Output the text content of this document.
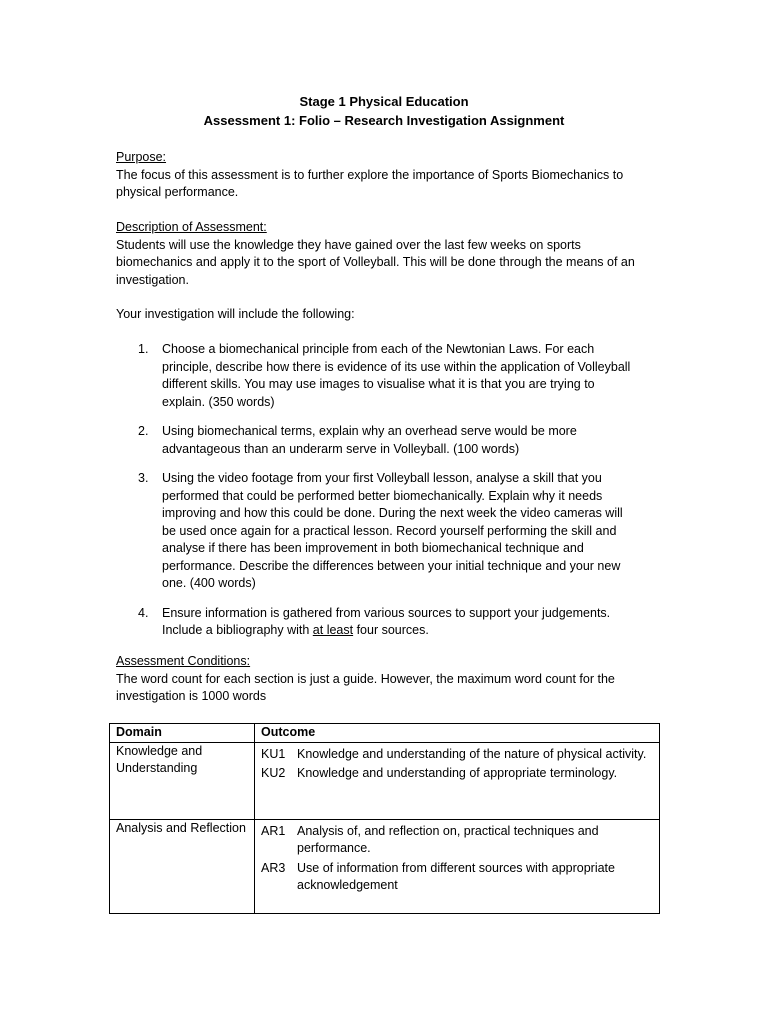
Stage 1 Physical Education
Assessment 1: Folio – Research Investigation Assignment
Purpose:
The focus of this assessment is to further explore the importance of Sports Biomechanics to physical performance.
Description of Assessment:
Students will use the knowledge they have gained over the last few weeks on sports biomechanics and apply it to the sport of Volleyball. This will be done through the means of an investigation.
Your investigation will include the following:
1. Choose a biomechanical principle from each of the Newtonian Laws. For each principle, describe how there is evidence of its use within the application of Volleyball different skills. You may use images to visualise what it is that you are trying to explain. (350 words)
2. Using biomechanical terms, explain why an overhead serve would be more advantageous than an underarm serve in Volleyball. (100 words)
3. Using the video footage from your first Volleyball lesson, analyse a skill that you performed that could be performed better biomechanically. Explain why it needs improving and how this could be done. During the next week the video cameras will be used once again for a practical lesson. Record yourself performing the skill and analyse if there has been improvement in both biomechanical technique and performance. Describe the differences between your initial technique and your new one. (400 words)
4. Ensure information is gathered from various sources to support your judgements. Include a bibliography with at least four sources.
Assessment Conditions:
The word count for each section is just a guide. However, the maximum word count for the investigation is 1000 words
Domain	Outcome
Knowledge and Understanding	KU1 Knowledge and understanding of the nature of physical activity.
KU2 Knowledge and understanding of appropriate terminology.

Analysis and Reflection	AR1 Analysis of, and reflection on, practical techniques and performance.
AR3 Use of information from different sources with appropriate acknowledgement
